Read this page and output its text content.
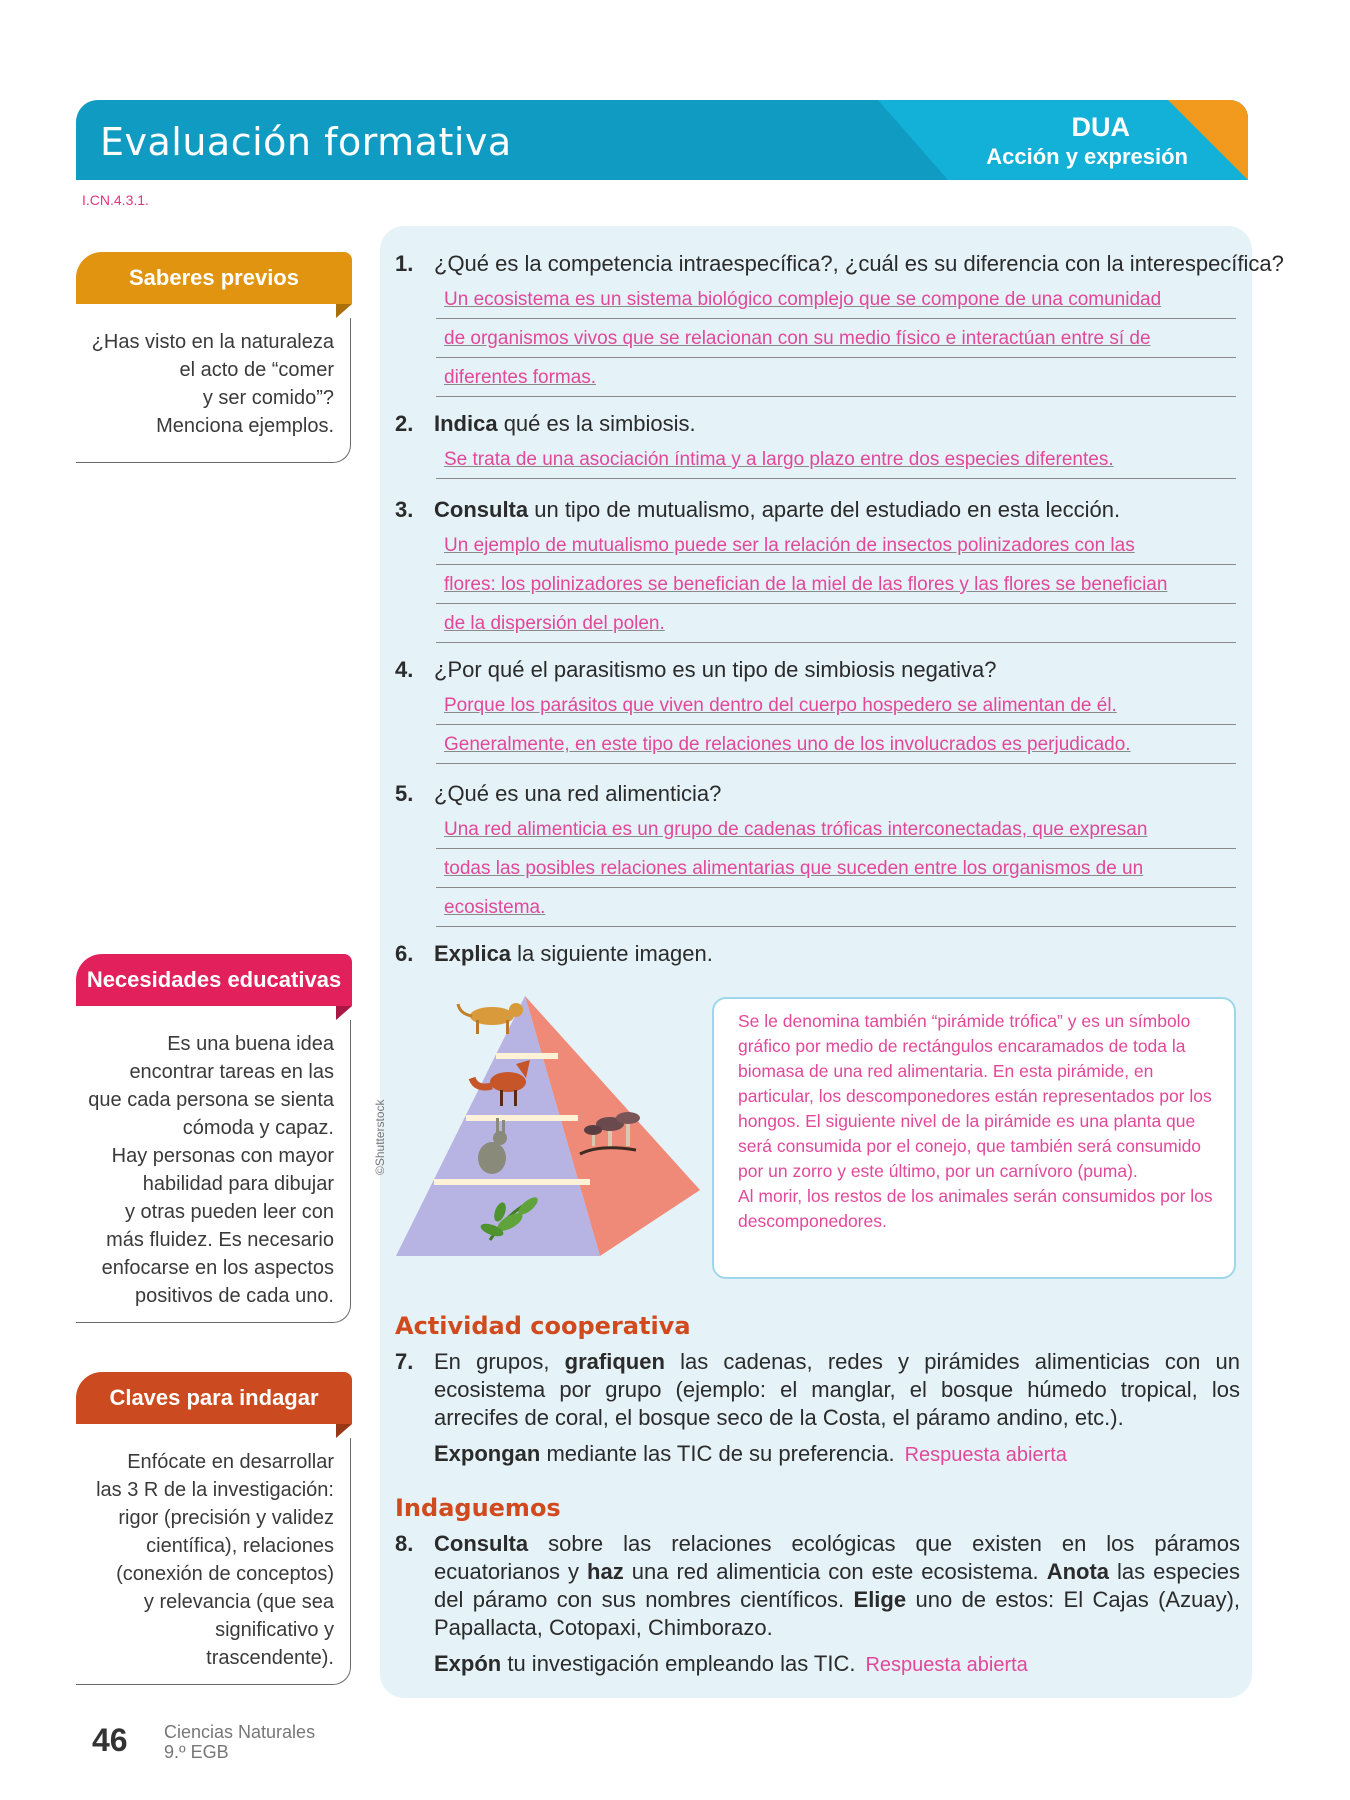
Evaluación formativa	DUA
Acción y expresión
I.CN.4.3.1.
Saberes previos
¿Has visto en la naturaleza
el acto de “comer
y ser comido”?
Menciona ejemplos.
Necesidades educativas
Es una buena idea
encontrar tareas en las
que cada persona se sienta
cómoda y capaz.
Hay personas con mayor
habilidad para dibujar
y otras pueden leer con
más fluidez. Es necesario
enfocarse en los aspectos
positivos de cada uno.
Claves para indagar
Enfócate en desarrollar
las 3 R de la investigación:
rigor (precisión y validez
científica), relaciones
(conexión de conceptos)
y relevancia (que sea
significativo y
trascendente).
1. ¿Qué es la competencia intraespecífica?, ¿cuál es su diferencia con la interespecífica?
Un ecosistema es un sistema biológico complejo que se compone de una comunidad
de organismos vivos que se relacionan con su medio físico e interactúan entre sí de
diferentes formas.
2. Indica qué es la simbiosis.
Se trata de una asociación íntima y a largo plazo entre dos especies diferentes.
3. Consulta un tipo de mutualismo, aparte del estudiado en esta lección.
Un ejemplo de mutualismo puede ser la relación de insectos polinizadores con las
flores: los polinizadores se benefician de la miel de las flores y las flores se benefician
de la dispersión del polen.
4. ¿Por qué el parasitismo es un tipo de simbiosis negativa?
Porque los parásitos que viven dentro del cuerpo hospedero se alimentan de él.
Generalmente, en este tipo de relaciones uno de los involucrados es perjudicado.
5. ¿Qué es una red alimenticia?
Una red alimenticia es un grupo de cadenas tróficas interconectadas, que expresan
todas las posibles relaciones alimentarias que suceden entre los organismos de un
ecosistema.
6. Explica la siguiente imagen.
©Shutterstock
Se le denomina también “pirámide trófica” y es un símbolo gráfico por medio de rectángulos encaramados de toda la biomasa de una red alimentaria. En esta pirámide, en particular, los descomponedores están representados por los hongos. El siguiente nivel de la pirámide es una planta que será consumida por el conejo, que también será consumido por un zorro y este último, por un carnívoro (puma).
Al morir, los restos de los animales serán consumidos por los descomponedores.
Actividad cooperativa
7. En grupos, grafiquen las cadenas, redes y pirámides alimenticias con un ecosistema por grupo (ejemplo: el manglar, el bosque húmedo tropical, los arrecifes de coral, el bosque seco de la Costa, el páramo andino, etc.).
Expongan mediante las TIC de su preferencia. Respuesta abierta
Indaguemos
8. Consulta sobre las relaciones ecológicas que existen en los páramos ecuatorianos y haz una red alimenticia con este ecosistema. Anota las especies del páramo con sus nombres científicos. Elige uno de estos: El Cajas (Azuay), Papallacta, Cotopaxi, Chimborazo.
Expón tu investigación empleando las TIC. Respuesta abierta
46 Ciencias Naturales
9.º EGB
